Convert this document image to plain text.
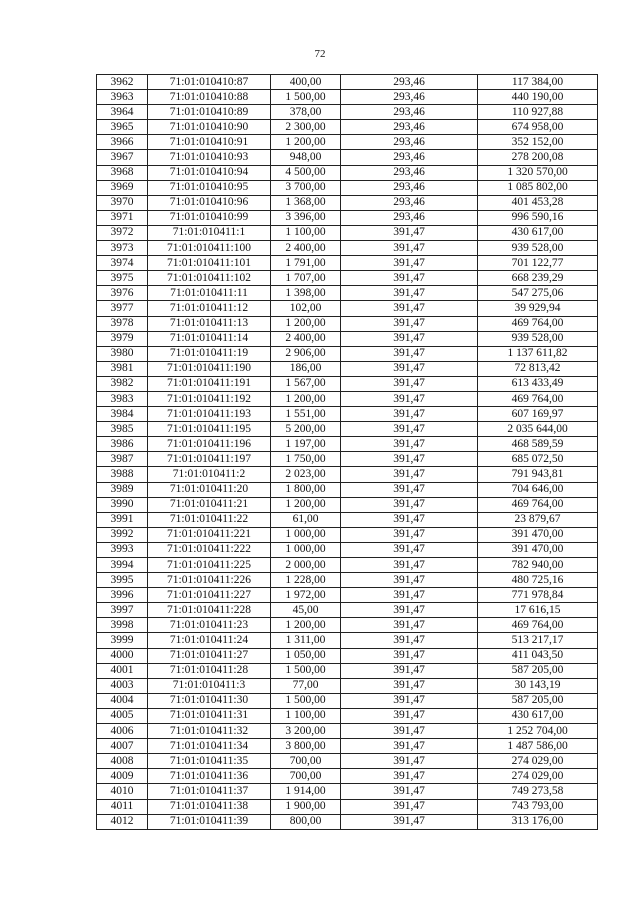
72
3962	71:01:010410:87	400,00	293,46	117 384,00
3963	71:01:010410:88	1 500,00	293,46	440 190,00
3964	71:01:010410:89	378,00	293,46	110 927,88
3965	71:01:010410:90	2 300,00	293,46	674 958,00
3966	71:01:010410:91	1 200,00	293,46	352 152,00
3967	71:01:010410:93	948,00	293,46	278 200,08
3968	71:01:010410:94	4 500,00	293,46	1 320 570,00
3969	71:01:010410:95	3 700,00	293,46	1 085 802,00
3970	71:01:010410:96	1 368,00	293,46	401 453,28
3971	71:01:010410:99	3 396,00	293,46	996 590,16
3972	71:01:010411:1	1 100,00	391,47	430 617,00
3973	71:01:010411:100	2 400,00	391,47	939 528,00
3974	71:01:010411:101	1 791,00	391,47	701 122,77
3975	71:01:010411:102	1 707,00	391,47	668 239,29
3976	71:01:010411:11	1 398,00	391,47	547 275,06
3977	71:01:010411:12	102,00	391,47	39 929,94
3978	71:01:010411:13	1 200,00	391,47	469 764,00
3979	71:01:010411:14	2 400,00	391,47	939 528,00
3980	71:01:010411:19	2 906,00	391,47	1 137 611,82
3981	71:01:010411:190	186,00	391,47	72 813,42
3982	71:01:010411:191	1 567,00	391,47	613 433,49
3983	71:01:010411:192	1 200,00	391,47	469 764,00
3984	71:01:010411:193	1 551,00	391,47	607 169,97
3985	71:01:010411:195	5 200,00	391,47	2 035 644,00
3986	71:01:010411:196	1 197,00	391,47	468 589,59
3987	71:01:010411:197	1 750,00	391,47	685 072,50
3988	71:01:010411:2	2 023,00	391,47	791 943,81
3989	71:01:010411:20	1 800,00	391,47	704 646,00
3990	71:01:010411:21	1 200,00	391,47	469 764,00
3991	71:01:010411:22	61,00	391,47	23 879,67
3992	71:01:010411:221	1 000,00	391,47	391 470,00
3993	71:01:010411:222	1 000,00	391,47	391 470,00
3994	71:01:010411:225	2 000,00	391,47	782 940,00
3995	71:01:010411:226	1 228,00	391,47	480 725,16
3996	71:01:010411:227	1 972,00	391,47	771 978,84
3997	71:01:010411:228	45,00	391,47	17 616,15
3998	71:01:010411:23	1 200,00	391,47	469 764,00
3999	71:01:010411:24	1 311,00	391,47	513 217,17
4000	71:01:010411:27	1 050,00	391,47	411 043,50
4001	71:01:010411:28	1 500,00	391,47	587 205,00
4003	71:01:010411:3	77,00	391,47	30 143,19
4004	71:01:010411:30	1 500,00	391,47	587 205,00
4005	71:01:010411:31	1 100,00	391,47	430 617,00
4006	71:01:010411:32	3 200,00	391,47	1 252 704,00
4007	71:01:010411:34	3 800,00	391,47	1 487 586,00
4008	71:01:010411:35	700,00	391,47	274 029,00
4009	71:01:010411:36	700,00	391,47	274 029,00
4010	71:01:010411:37	1 914,00	391,47	749 273,58
4011	71:01:010411:38	1 900,00	391,47	743 793,00
4012	71:01:010411:39	800,00	391,47	313 176,00
